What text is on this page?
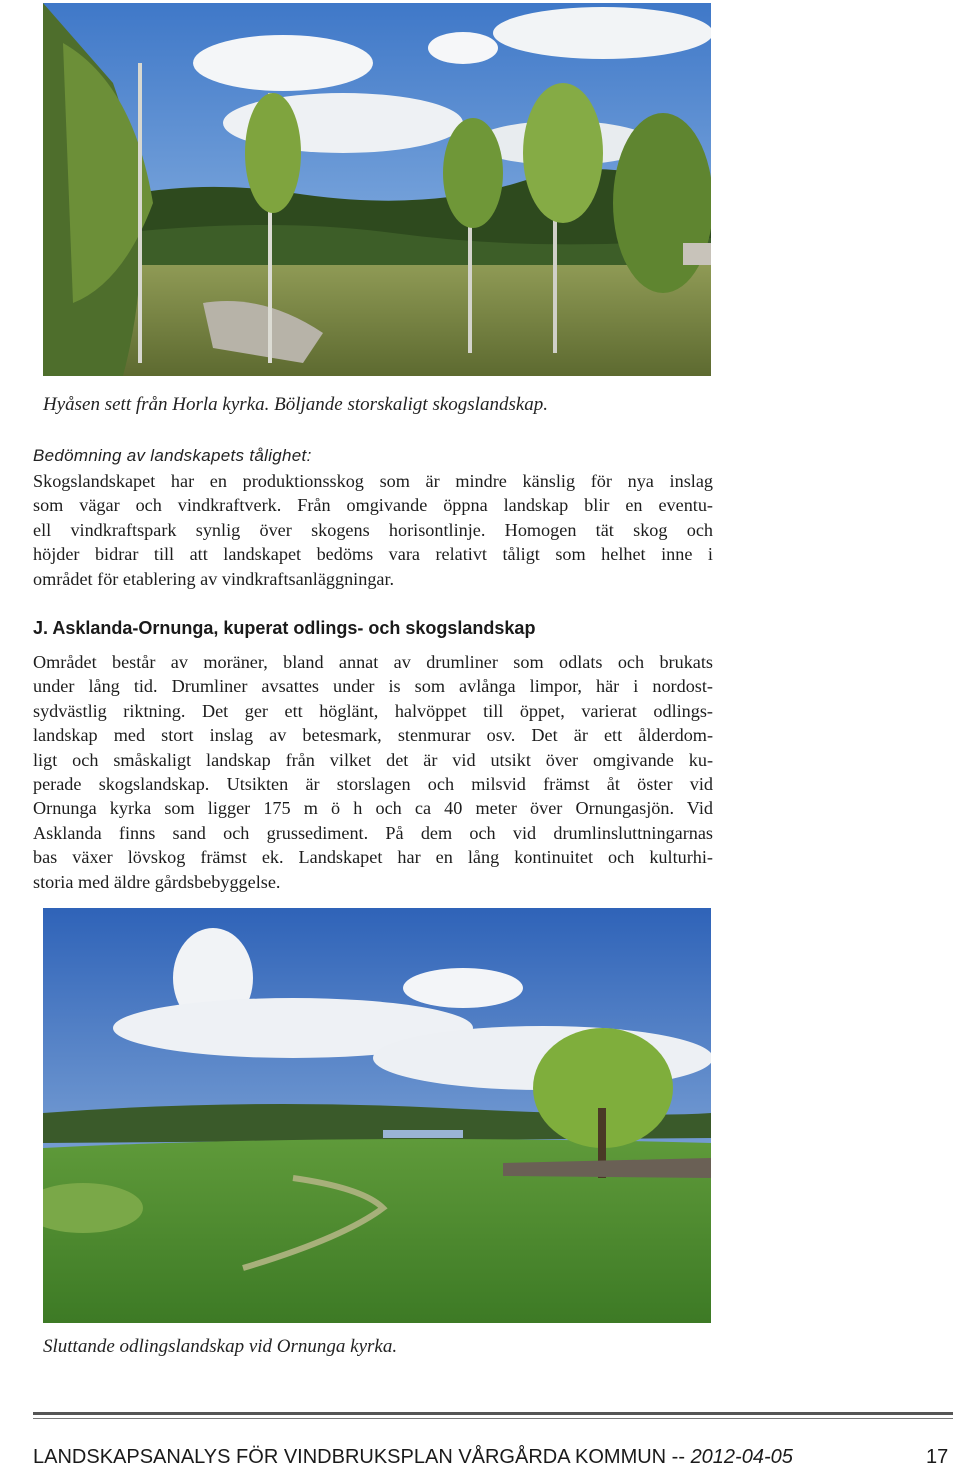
Hyåsen sett från Horla kyrka. Böljande storskaligt skogslandskap.
Bedömning av landskapets tålighet:
Skogslandskapet har en produktionsskog som är mindre känslig för nya inslag
som vägar och vindkraftverk. Från omgivande öppna landskap blir en eventu-
ell vindkraftspark synlig över skogens horisontlinje. Homogen tät skog och
höjder bidrar till att landskapet bedöms vara relativt tåligt som helhet inne i
området för etablering av vindkraftsanläggningar.
J. Asklanda-Ornunga, kuperat odlings- och skogslandskap
Området består av moräner, bland annat av drumliner som odlats och brukats
under lång tid. Drumliner avsattes under is som avlånga limpor, här i nordost-
sydvästlig riktning. Det ger ett höglänt, halvöppet till öppet, varierat odlings-
landskap med stort inslag av betesmark, stenmurar osv. Det är ett ålderdom-
ligt och småskaligt landskap från vilket det är vid utsikt över omgivande ku-
perade skogslandskap. Utsikten är storslagen och milsvid främst åt öster vid
Ornunga kyrka som ligger 175 m ö h och ca 40 meter över Ornungasjön. Vid
Asklanda finns sand och grussediment. På dem och vid drumlinsluttningarnas
bas växer lövskog främst ek. Landskapet har en lång kontinuitet och kulturhi-
storia med äldre gårdsbebyggelse.
Sluttande odlingslandskap vid Ornunga kyrka.
LANDSKAPSANALYS FÖR VINDBRUKSPLAN VÅRGÅRDA KOMMUN -- 2012-04-05	17
